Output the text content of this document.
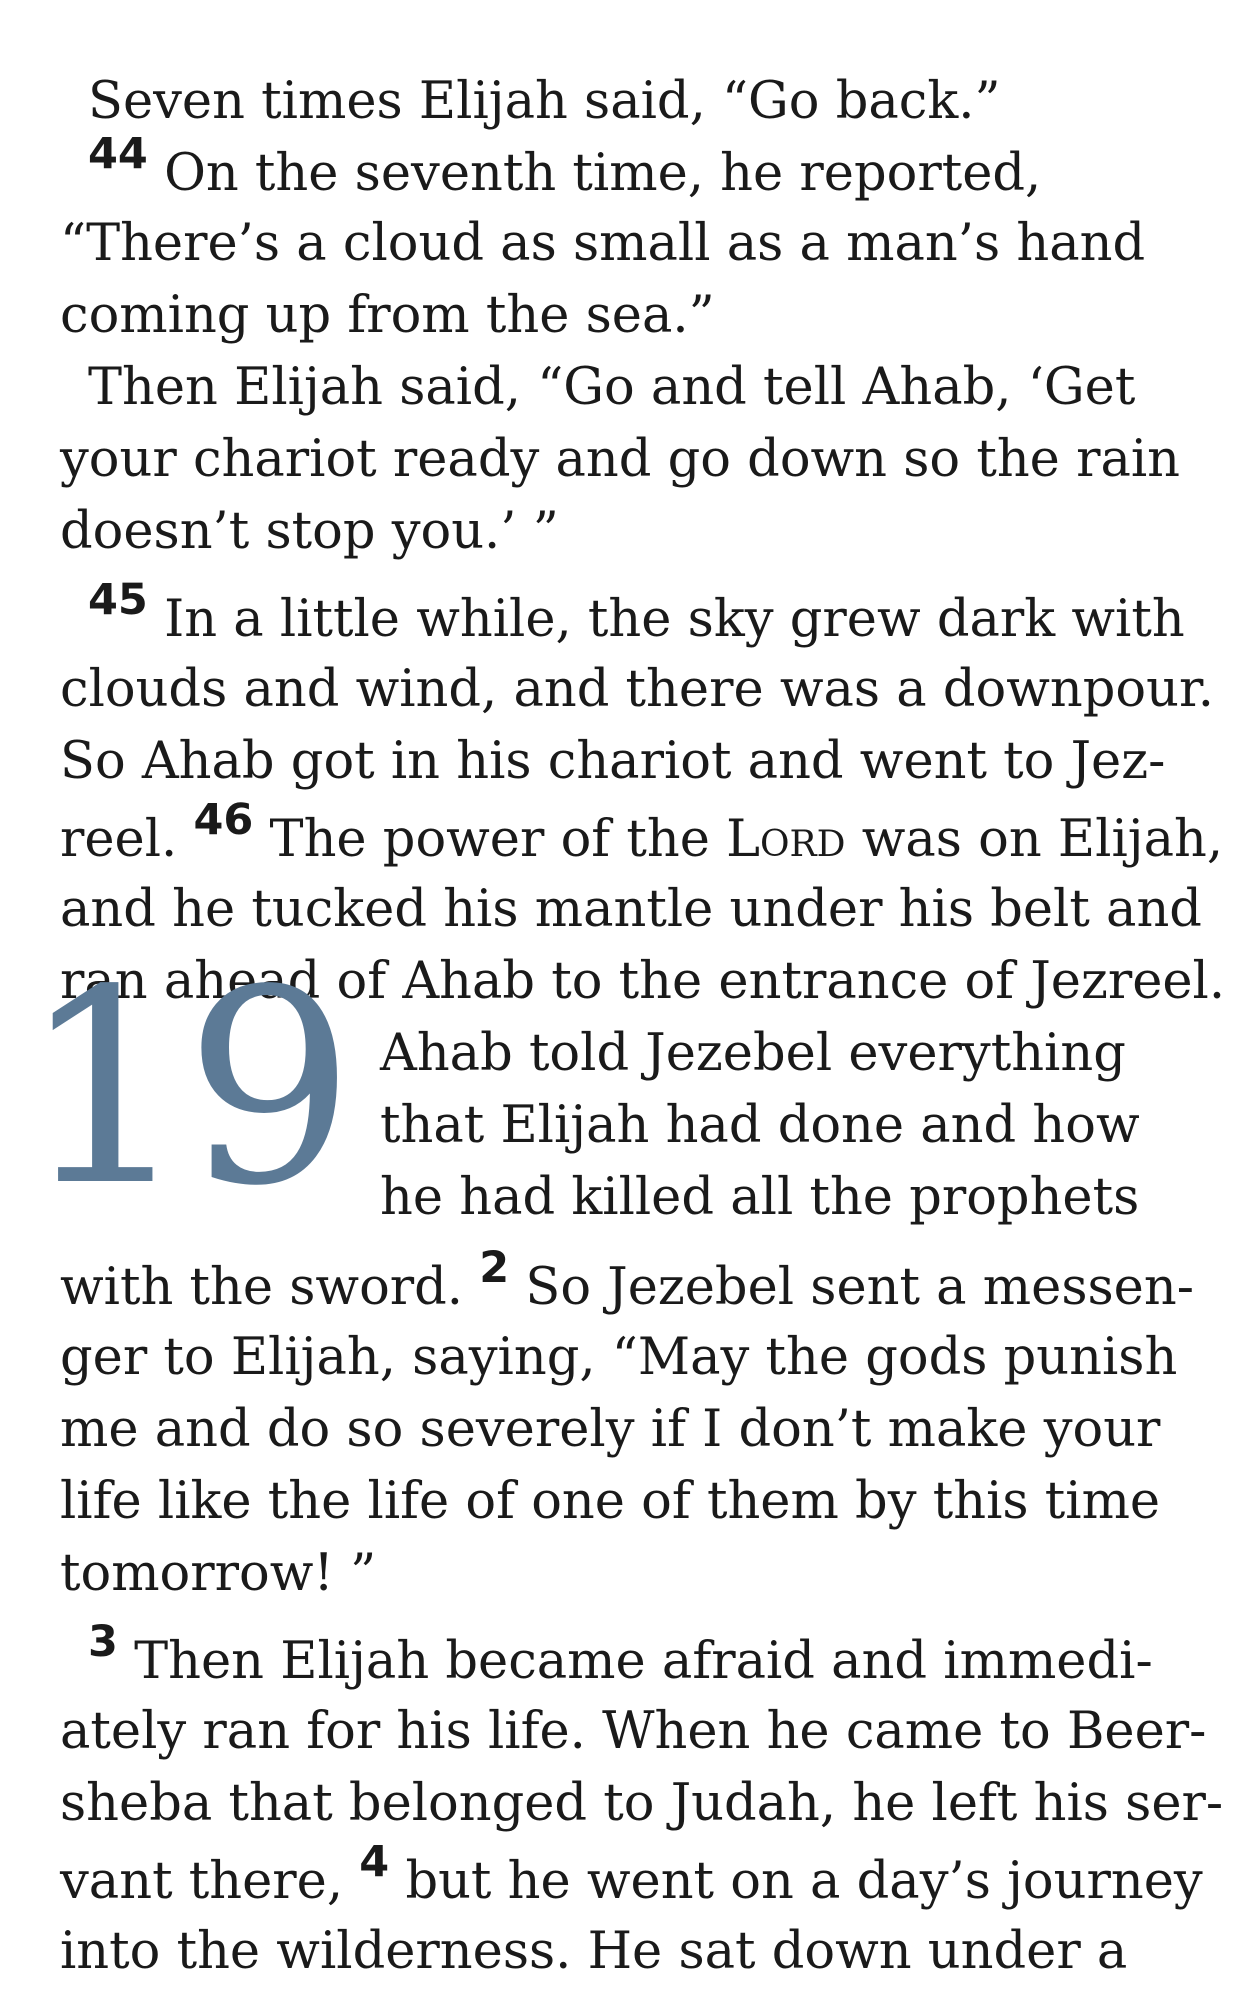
Seven times Elijah said, “Go back.”
$^{44}$ On the seventh time, he reported,
“There’s a cloud as small as a man’s hand
coming up from the sea.”
Then Elijah said, “Go and tell Ahab, ‘Get
your chariot ready and go down so the rain
doesn’t stop you.’ ”
$^{45}$ In a little while, the sky grew dark with
clouds and wind, and there was a downpour.
So Ahab got in his chariot and went to Jez-
reel. $^{46}$ The power of the Lord was on Elijah,
and he tucked his mantle under his belt and
ran ahead of Ahab to the entrance of Jezreel.
Ahab told Jezebel everything
that Elijah had done and how
he had killed all the prophets
with the sword. $^2$ So Jezebel sent a messen-
ger to Elijah, saying, “May the gods punish
me and do so severely if I don’t make your
life like the life of one of them by this time
tomorrow! ”
$^3$ Then Elijah became afraid and immedi-
ately ran for his life. When he came to Beer-
sheba that belonged to Judah, he left his ser-
vant there, $^4$ but he went on a day’s journey
into the wilderness. He sat down under a
19
